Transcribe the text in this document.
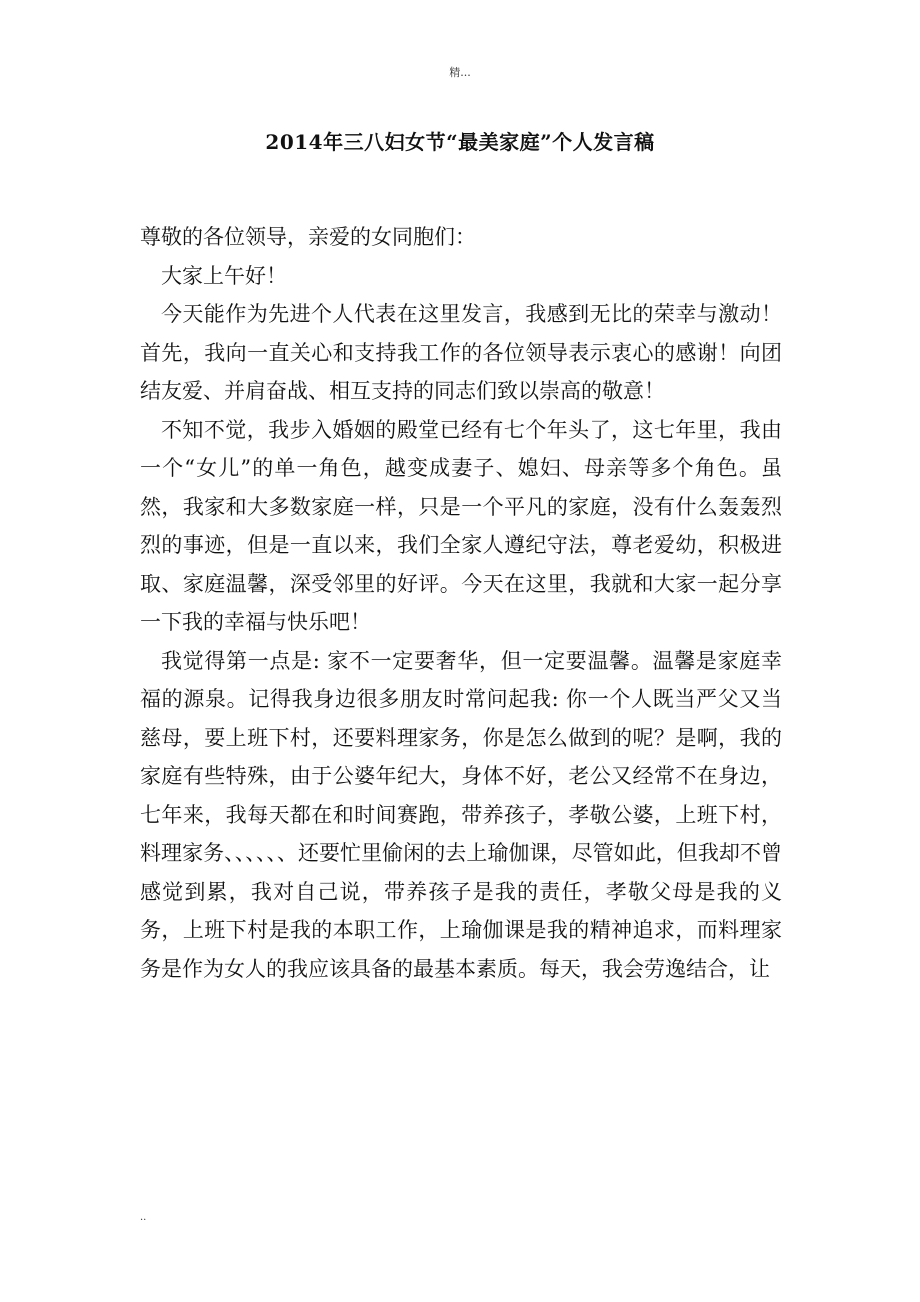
精...
2014年三八妇女节“最美家庭”个人发言稿

尊敬的各位领导，亲爱的女同胞们：

大家上午好！

今天能作为先进个人代表在这里发言，我感到无比的荣幸与激动！首先，我向一直关心和支持我工作的各位领导表示衷心的感谢！向团结友爱、并肩奋战、相互支持的同志们致以崇高的敬意！

不知不觉，我步入婚姻的殿堂已经有七个年头了，这七年里，我由一个“女儿”的单一角色，越变成妻子、媳妇、母亲等多个角色。虽然，我家和大多数家庭一样，只是一个平凡的家庭，没有什么轰轰烈烈的事迹，但是一直以来，我们全家人遵纪守法，尊老爱幼，积极进取、家庭温馨，深受邻里的好评。今天在这里，我就和大家一起分享一下我的幸福与快乐吧！

我觉得第一点是: 家不一定要奢华，但一定要温馨。温馨是家庭幸福的源泉。记得我身边很多朋友时常问起我: 你一个人既当严父又当慈母，要上班下村，还要料理家务，你是怎么做到的呢？是啊，我的家庭有些特殊，由于公婆年纪大，身体不好，老公又经常不在身边，七年来，我每天都在和时间赛跑，带养孩子，孝敬公婆，上班下村，料理家务、、、、、、还要忙里偷闲的去上瑜伽课，尽管如此，但我却不曾感觉到累，我对自己说，带养孩子是我的责任，孝敬父母是我的义务，上班下村是我的本职工作，上瑜伽课是我的精神追求，而料理家务是作为女人的我应该具备的最基本素质。每天，我会劳逸结合，让

..
